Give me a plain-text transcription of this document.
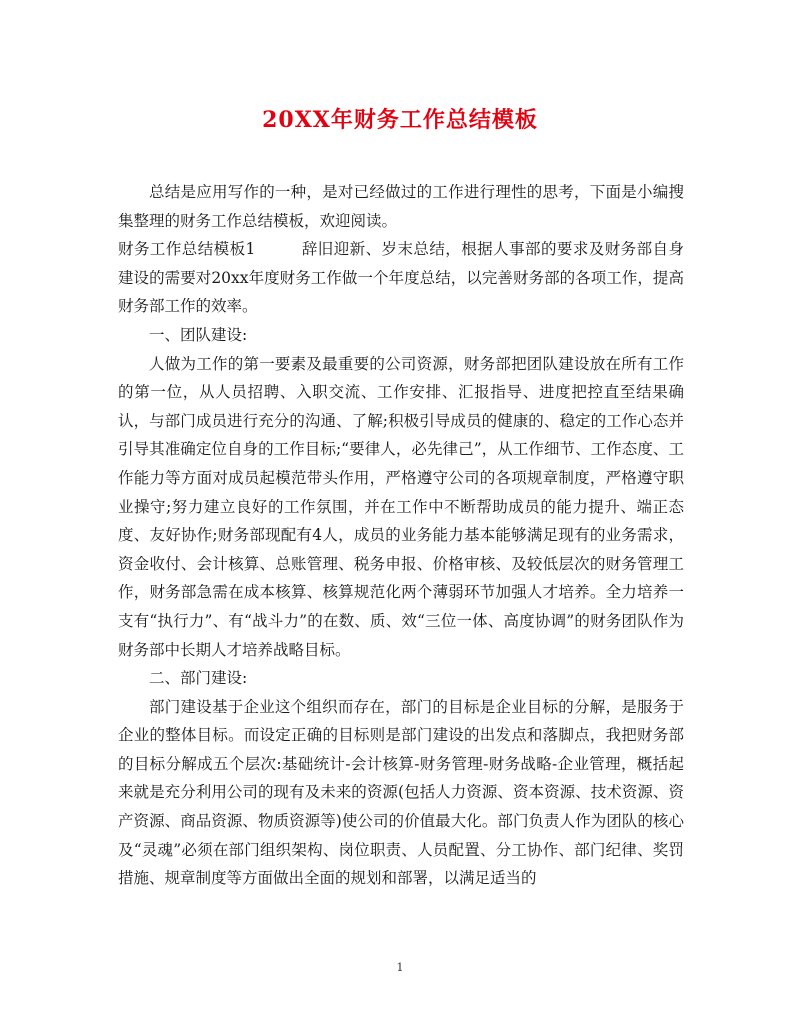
20XX年财务工作总结模板

总结是应用写作的一种，是对已经做过的工作进行理性的思考，下面是小编搜集整理的财务工作总结模板，欢迎阅读。

财务工作总结模板1	辞旧迎新、岁末总结，根据人事部的要求及财务部自身建设的需要对20xx年度财务工作做一个年度总结，以完善财务部的各项工作，提高财务部工作的效率。

一、团队建设:

人做为工作的第一要素及最重要的公司资源，财务部把团队建设放在所有工作的第一位，从人员招聘、入职交流、工作安排、汇报指导、进度把控直至结果确认，与部门成员进行充分的沟通、了解;积极引导成员的健康的、稳定的工作心态并引导其准确定位自身的工作目标;“要律人，必先律己”，从工作细节、工作态度、工作能力等方面对成员起模范带头作用，严格遵守公司的各项规章制度，严格遵守职业操守;努力建立良好的工作氛围，并在工作中不断帮助成员的能力提升、端正态度、友好协作;财务部现配有4人，成员的业务能力基本能够满足现有的业务需求，资金收付、会计核算、总账管理、税务申报、价格审核、及较低层次的财务管理工作，财务部急需在成本核算、核算规范化两个薄弱环节加强人才培养。全力培养一支有“执行力”、有“战斗力”的在数、质、效“三位一体、高度协调”的财务团队作为财务部中长期人才培养战略目标。

二、部门建设:

部门建设基于企业这个组织而存在，部门的目标是企业目标的分解，是服务于企业的整体目标。而设定正确的目标则是部门建设的出发点和落脚点，我把财务部的目标分解成五个层次:基础统计-会计核算-财务管理-财务战略-企业管理，概括起来就是充分利用公司的现有及未来的资源(包括人力资源、资本资源、技术资源、资产资源、商品资源、物质资源等)使公司的价值最大化。部门负责人作为团队的核心及“灵魂”必须在部门组织架构、岗位职责、人员配置、分工协作、部门纪律、奖罚措施、规章制度等方面做出全面的规划和部署，以满足适当的

1
